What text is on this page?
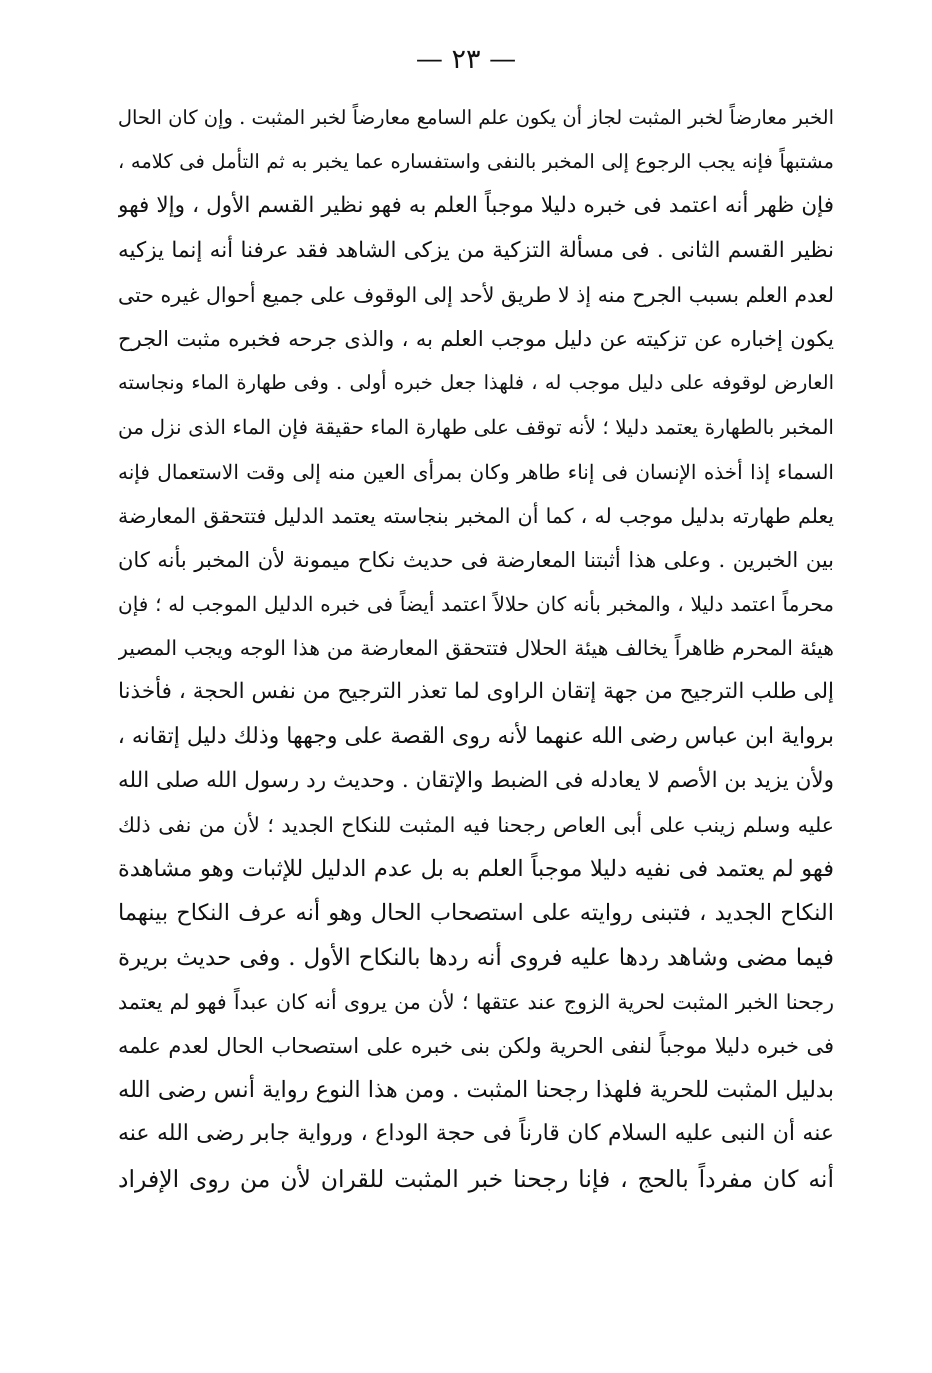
— ٢٣ —
الخبر معارضاً لخبر المثبت لجاز أن يكون علم السامع معارضاً لخبر المثبت . وإن كان الحال
مشتبهاً فإنه يجب الرجوع إلى المخبر بالنفى واستفساره عما يخبر به ثم التأمل فى كلامه ،
فإن ظهر أنه اعتمد فى خبره دليلا موجباً العلم به فهو نظير القسم الأول ، وإلا فهو
نظير القسم الثانى . فى مسألة التزكية من يزكى الشاهد فقد عرفنا أنه إنما يزكيه
لعدم العلم بسبب الجرح منه إذ لا طريق لأحد إلى الوقوف على جميع أحوال غيره حتى
يكون إخباره عن تزكيته عن دليل موجب العلم به ، والذى جرحه فخبره مثبت الجرح
العارض لوقوفه على دليل موجب له ، فلهذا جعل خبره أولى . وفى طهارة الماء ونجاسته
المخبر بالطهارة يعتمد دليلا ؛ لأنه توقف على طهارة الماء حقيقة فإن الماء الذى نزل من
السماء إذا أخذه الإنسان فى إناء طاهر وكان بمرأى العين منه إلى وقت الاستعمال فإنه
يعلم طهارته بدليل موجب له ، كما أن المخبر بنجاسته يعتمد الدليل فتتحقق المعارضة
بين الخبرين . وعلى هذا أثبتنا المعارضة فى حديث نكاح ميمونة لأن المخبر بأنه كان
محرماً اعتمد دليلا ، والمخبر بأنه كان حلالاً اعتمد أيضاً فى خبره الدليل الموجب له ؛ فإن
هيئة المحرم ظاهراً يخالف هيئة الحلال فتتحقق المعارضة من هذا الوجه ويجب المصير
إلى طلب الترجيح من جهة إتقان الراوى لما تعذر الترجيح من نفس الحجة ، فأخذنا
برواية ابن عباس رضى الله عنهما لأنه روى القصة على وجهها وذلك دليل إتقانه ،
ولأن يزيد بن الأصم لا يعادله فى الضبط والإتقان . وحديث رد رسول الله صلى الله
عليه وسلم زينب على أبى العاص رجحنا فيه المثبت للنكاح الجديد ؛ لأن من نفى ذلك
فهو لم يعتمد فى نفيه دليلا موجباً العلم به بل عدم الدليل للإثبات وهو مشاهدة
النكاح الجديد ، فتبنى روايته على استصحاب الحال وهو أنه عرف النكاح بينهما
فيما مضى وشاهد ردها عليه فروى أنه ردها بالنكاح الأول . وفى حديث بريرة
رجحنا الخبر المثبت لحرية الزوج عند عتقها ؛ لأن من يروى أنه كان عبداً فهو لم يعتمد
فى خبره دليلا موجباً لنفى الحرية ولكن بنى خبره على استصحاب الحال لعدم علمه
بدليل المثبت للحرية فلهذا رجحنا المثبت . ومن هذا النوع رواية أنس رضى الله
عنه أن النبى عليه السلام كان قارناً فى حجة الوداع ، ورواية جابر رضى الله عنه
أنه كان مفرداً بالحج ، فإنا رجحنا خبر المثبت للقران لأن من روى الإفراد
